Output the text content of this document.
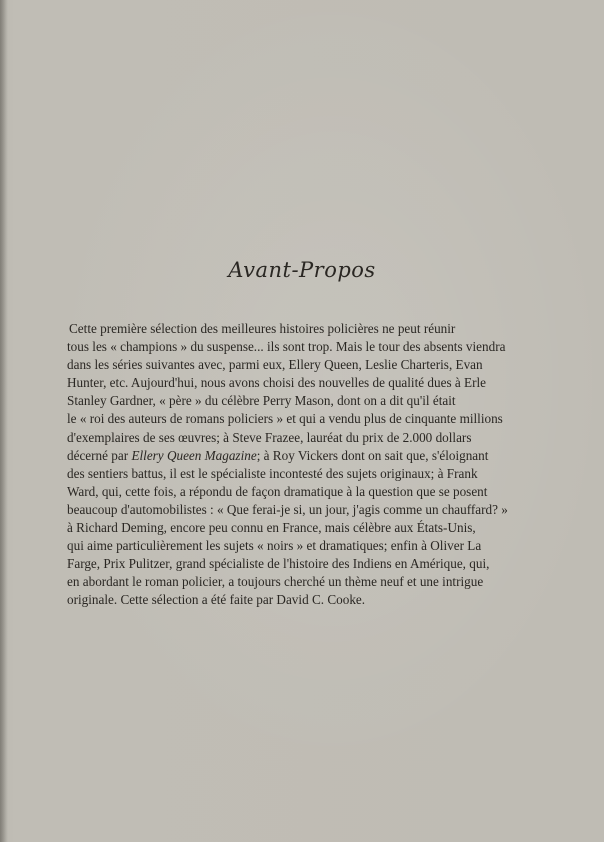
Avant-Propos
Cette première sélection des meilleures histoires policières ne peut réunir
tous les « champions » du suspense... ils sont trop. Mais le tour des absents viendra
dans les séries suivantes avec, parmi eux, Ellery Queen, Leslie Charteris, Evan
Hunter, etc. Aujourd'hui, nous avons choisi des nouvelles de qualité dues à Erle
Stanley Gardner, « père » du célèbre Perry Mason, dont on a dit qu'il était
le « roi des auteurs de romans policiers » et qui a vendu plus de cinquante millions
d'exemplaires de ses œuvres; à Steve Frazee, lauréat du prix de 2.000 dollars
décerné par Ellery Queen Magazine ; à Roy Vickers dont on sait que, s'éloignant
des sentiers battus, il est le spécialiste incontesté des sujets originaux; à Frank
Ward, qui, cette fois, a répondu de façon dramatique à la question que se posent
beaucoup d'automobilistes : « Que ferai-je si, un jour, j'agis comme un chauffard? »
à Richard Deming, encore peu connu en France, mais célèbre aux États-Unis,
qui aime particulièrement les sujets « noirs » et dramatiques; enfin à Oliver La
Farge, Prix Pulitzer, grand spécialiste de l'histoire des Indiens en Amérique, qui,
en abordant le roman policier, a toujours cherché un thème neuf et une intrigue
originale. Cette sélection a été faite par David C. Cooke.
